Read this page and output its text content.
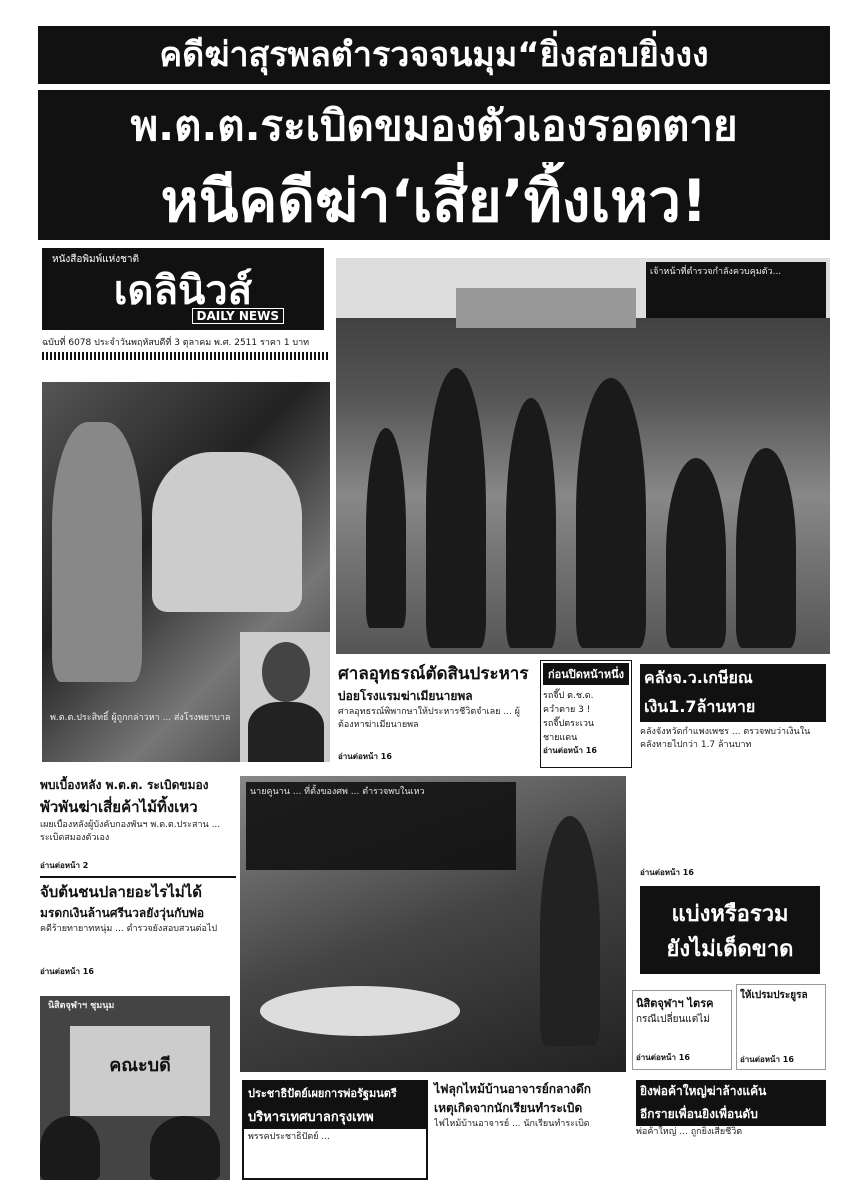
คดีฆ่าสุรพลตำรวจจนมุม“ยิ่งสอบยิ่งงง
พ.ต.ต.ระเบิดขมองตัวเองรอดตาย
หนีคดีฆ่า‘เสี่ย’ทิ้งเหว!
หนังสือพิมพ์แห่งชาติ
เดลินิวส์
DAILY NEWS
ฉบับที่ 6078 ประจำวันพฤหัสบดีที่ 3 ตุลาคม พ.ศ. 2511 ราคา 1 บาท
เจ้าหน้าที่ตำรวจกำลังควบคุมตัว...
พ.ต.ต.ประสิทธิ์ ผู้ถูกกล่าวหา ... ส่งโรงพยาบาล
ศาลอุทธรณ์ตัดสินประหาร
บ่อยโรงแรมฆ่าเมียนายพล
ศาลอุทธรณ์พิพากษาให้ประหารชีวิตจำเลย ... ผู้ต้องหาฆ่าเมียนายพล
อ่านต่อหน้า 16
ก่อนปิดหน้าหนึ่ง
รถจี๊ป ต.ช.ด.
ควำตาย 3 !
รถจี๊ปตระเวน ชายแดน
อ่านต่อหน้า 16
คลังจ.ว.เกษียณ
เงิน1.7ล้านหาย
คลังจังหวัดกำแพงเพชร ... ตรวจพบว่าเงินในคลังหายไปกว่า 1.7 ล้านบาท
อ่านต่อหน้า 16
แบ่งหรือรวม
ยังไม่เด็ดขาด
นิสิตจุฬาฯ ไตรค
กรณีเปลี่ยนแต่ไม่
อ่านต่อหน้า 16
ให้เปรมประยูรล
อ่านต่อหน้า 16
พบเบื้องหลัง พ.ต.ต. ระเบิดขมอง
พัวพันฆ่าเสี่ยค้าไม้ทิ้งเหว
เผยเบื้องหลังผู้บังคับกองพันฯ พ.ต.ต.ประสาน ... ระเบิดสมองตัวเอง
อ่านต่อหน้า 2
จับต้นชนปลายอะไรไม่ได้
มรดกเงินล้านศรีนวลยังวุ่นกับพ่อ
คดีร้ายทายาทหนุ่ม ... ตำรวจยังสอบสวนต่อไป
อ่านต่อหน้า 16
นายคูนาน ... ที่ตั้งของศพ ... ตำรวจพบในเหว
นิสิตจุฬาฯ ชุมนุม
คณะบดี
ประชาธิปัตย์เผยการพ่อรัฐมนตรี
บริหารเทศบาลกรุงเทพ
พรรคประชาธิปัตย์ ...
ไฟลุกไหม้บ้านอาจารย์กลางดึก
เหตุเกิดจากนักเรียนทำระเบิด
ไฟไหม้บ้านอาจารย์ ... นักเรียนทำระเบิด
ยิงพ่อค้าใหญ่ฆ่าล้างแค้น
อีกรายเพื่อนยิงเพื่อนดับ
พ่อค้าใหญ่ ... ถูกยิงเสียชีวิต
